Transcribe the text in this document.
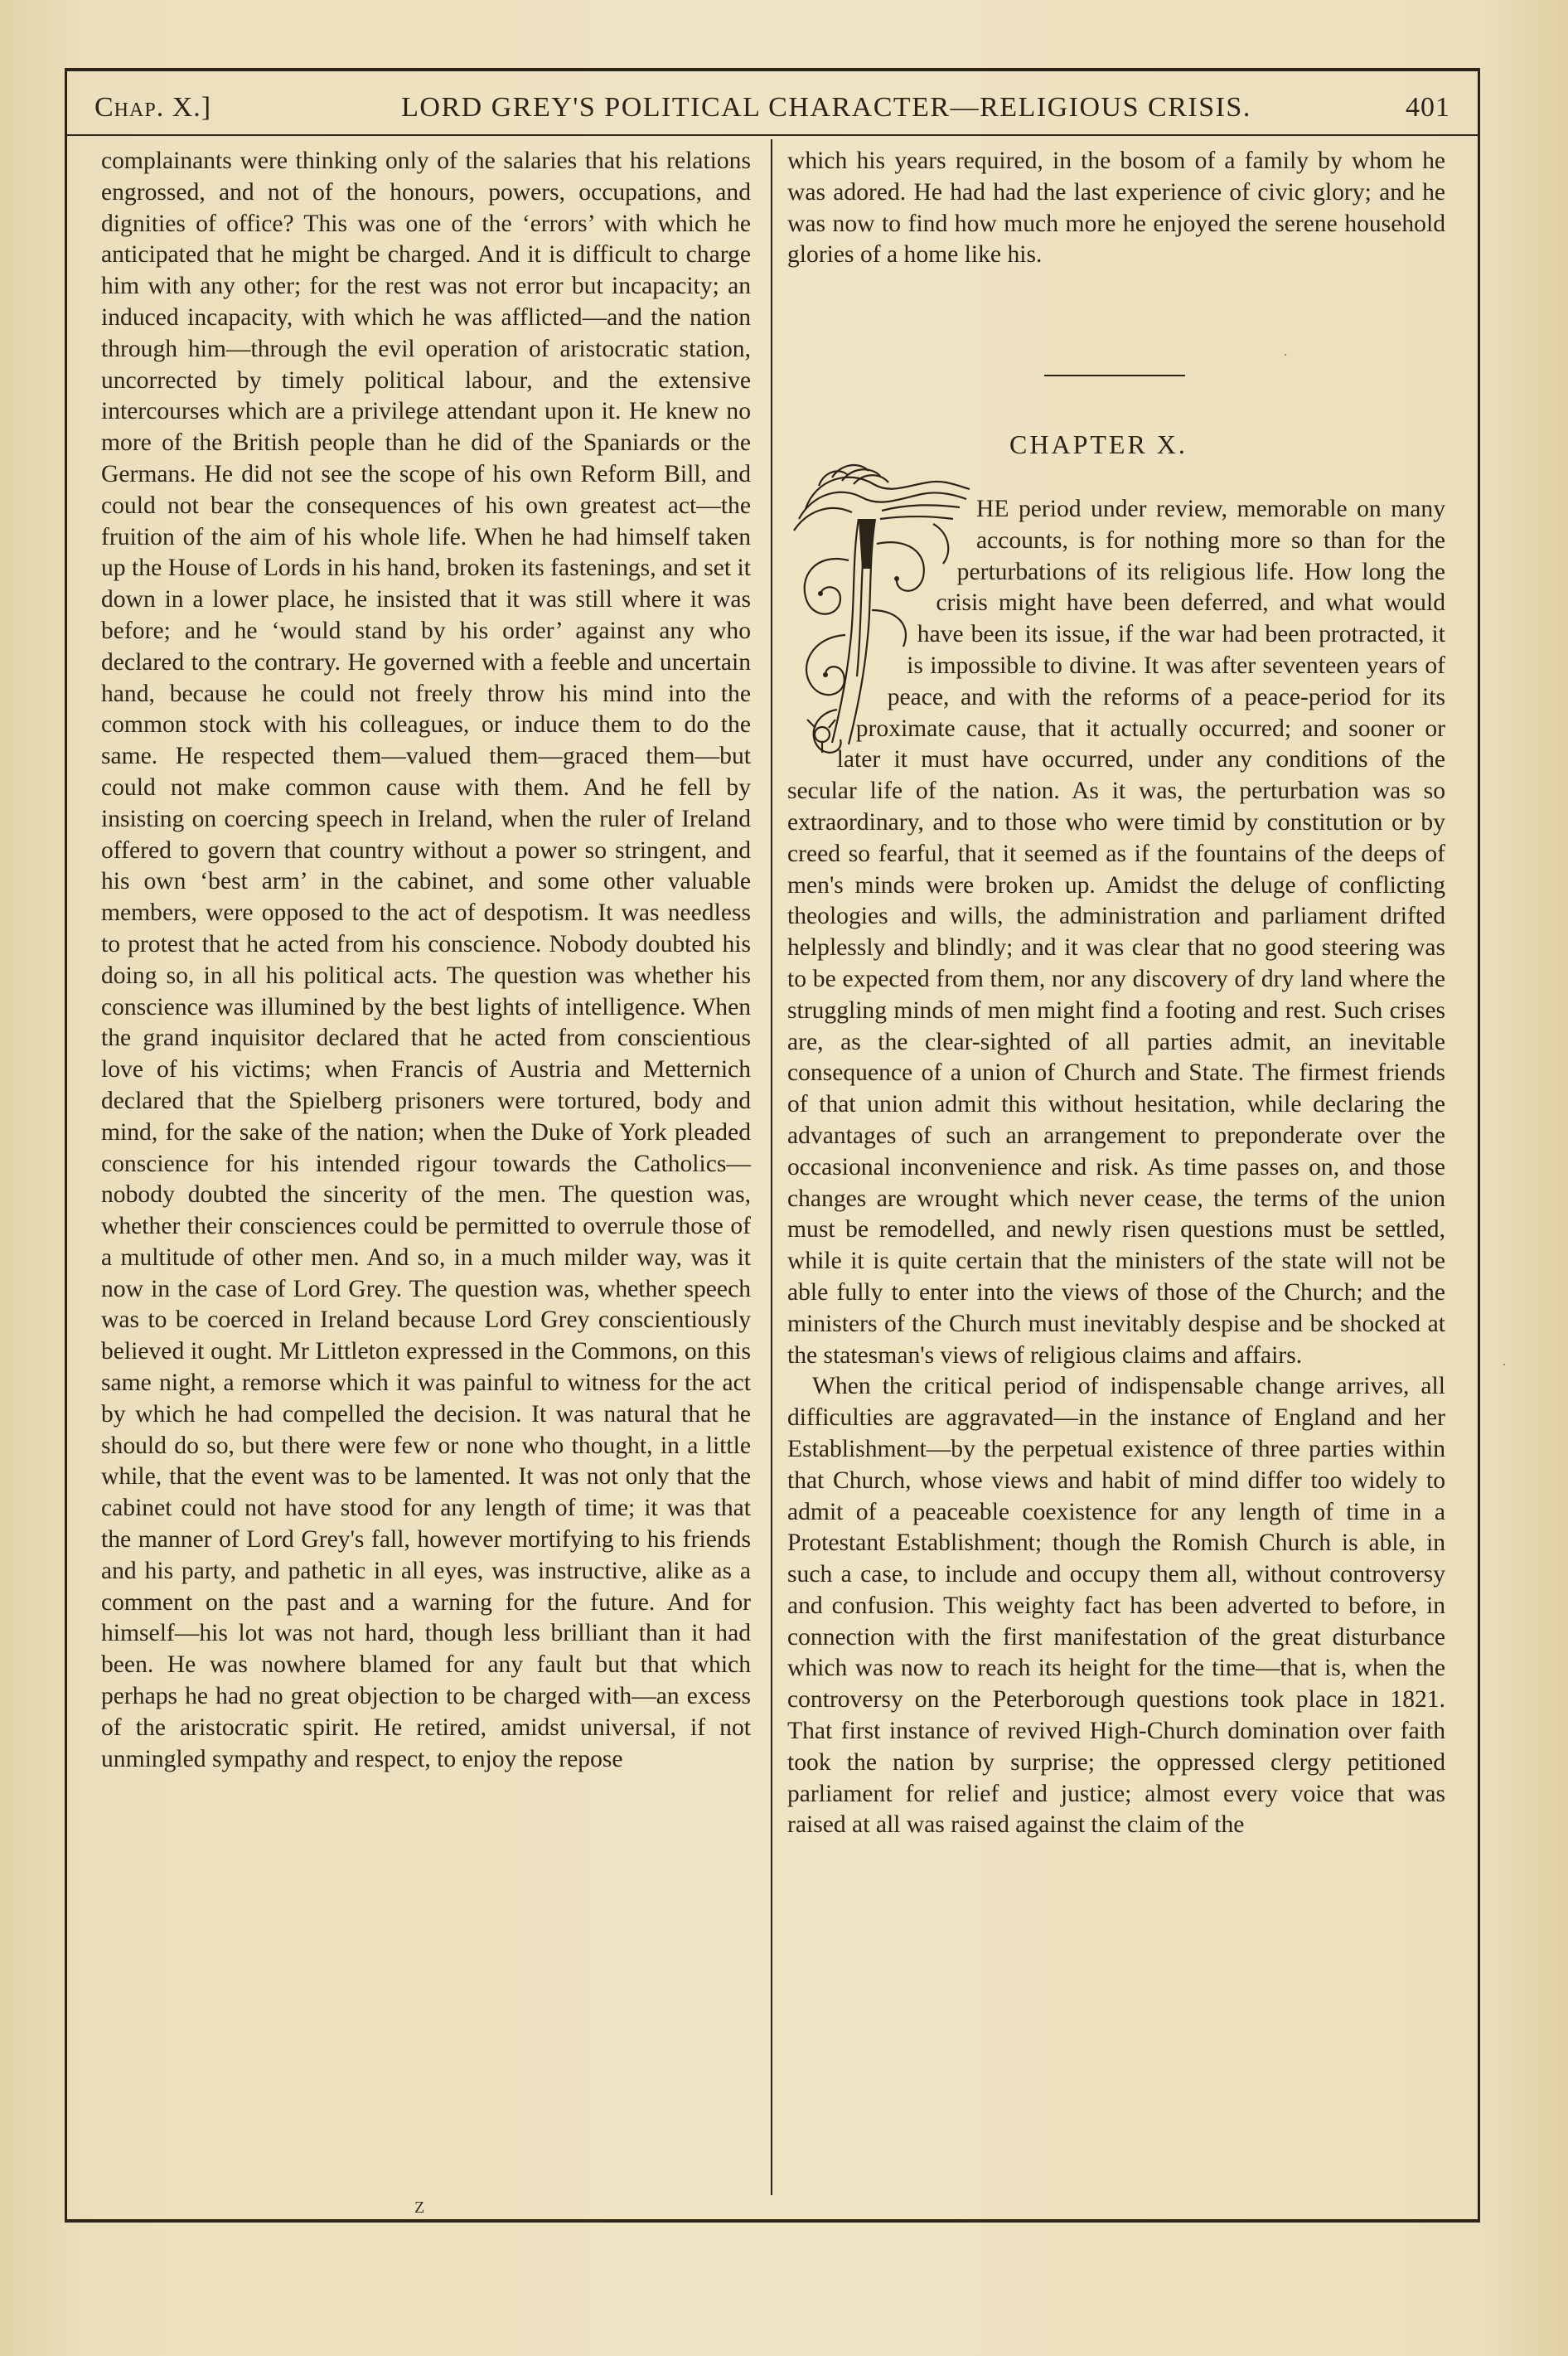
Chap. X.]	LORD GREY'S POLITICAL CHARACTER—RELIGIOUS CRISIS.	401

complainants were thinking only of the salaries that his relations engrossed, and not of the honours, powers, occupations, and dignities of office? This was one of the ‘errors’ with which he anticipated that he might be charged. And it is difficult to charge him with any other; for the rest was not error but incapacity; an induced incapacity, with which he was afflicted—and the nation through him—through the evil operation of aristocratic station, uncorrected by timely political labour, and the extensive intercourses which are a privilege attendant upon it. He knew no more of the British people than he did of the Spaniards or the Germans. He did not see the scope of his own Reform Bill, and could not bear the consequences of his own greatest act—the fruition of the aim of his whole life. When he had himself taken up the House of Lords in his hand, broken its fastenings, and set it down in a lower place, he insisted that it was still where it was before; and he ‘would stand by his order’ against any who declared to the contrary. He governed with a feeble and uncertain hand, because he could not freely throw his mind into the common stock with his colleagues, or induce them to do the same. He respected them—valued them—graced them—but could not make common cause with them. And he fell by insisting on coercing speech in Ireland, when the ruler of Ireland offered to govern that country without a power so stringent, and his own ‘best arm’ in the cabinet, and some other valuable members, were opposed to the act of despotism. It was needless to protest that he acted from his conscience. Nobody doubted his doing so, in all his political acts. The question was whether his conscience was illumined by the best lights of intelligence. When the grand inquisitor declared that he acted from conscientious love of his victims; when Francis of Austria and Metternich declared that the Spielberg prisoners were tortured, body and mind, for the sake of the nation; when the Duke of York pleaded conscience for his intended rigour towards the Catholics—nobody doubted the sincerity of the men. The question was, whether their consciences could be permitted to overrule those of a multitude of other men. And so, in a much milder way, was it now in the case of Lord Grey. The question was, whether speech was to be coerced in Ireland because Lord Grey conscientiously believed it ought. Mr Littleton expressed in the Commons, on this same night, a remorse which it was painful to witness for the act by which he had compelled the decision. It was natural that he should do so, but there were few or none who thought, in a little while, that the event was to be lamented. It was not only that the cabinet could not have stood for any length of time; it was that the manner of Lord Grey's fall, however mortifying to his friends and his party, and pathetic in all eyes, was instructive, alike as a comment on the past and a warning for the future. And for himself—his lot was not hard, though less brilliant than it had been. He was nowhere blamed for any fault but that which perhaps he had no great objection to be charged with—an excess of the aristocratic spirit. He retired, amidst universal, if not unmingled sympathy and respect, to enjoy the repose

which his years required, in the bosom of a family by whom he was adored. He had had the last experience of civic glory; and he was now to find how much more he enjoyed the serene household glories of a home like his.

·
·
CHAPTER X.

HE period under review, memorable on many accounts, is for nothing more so than for the perturbations of its religious life. How long the crisis might have been deferred, and what would have been its issue, if the war had been protracted, it is impossible to divine. It was after seventeen years of peace, and with the reforms of a peace-period for its proximate cause, that it actually occurred; and sooner or later it must have occurred, under any conditions of the secular life of the nation. As it was, the perturbation was so extraordinary, and to those who were timid by constitution or by creed so fearful, that it seemed as if the fountains of the deeps of men's minds were broken up. Amidst the deluge of conflicting theologies and wills, the administration and parliament drifted helplessly and blindly; and it was clear that no good steering was to be expected from them, nor any discovery of dry land where the struggling minds of men might find a footing and rest. Such crises are, as the clear-sighted of all parties admit, an inevitable consequence of a union of Church and State. The firmest friends of that union admit this without hesitation, while declaring the advantages of such an arrangement to preponderate over the occasional inconvenience and risk. As time passes on, and those changes are wrought which never cease, the terms of the union must be remodelled, and newly risen questions must be settled, while it is quite certain that the ministers of the state will not be able fully to enter into the views of those of the Church; and the ministers of the Church must inevitably despise and be shocked at the statesman's views of religious claims and affairs.

When the critical period of indispensable change arrives, all difficulties are aggravated—in the instance of England and her Establishment—by the perpetual existence of three parties within that Church, whose views and habit of mind differ too widely to admit of a peaceable coexistence for any length of time in a Protestant Establishment; though the Romish Church is able, in such a case, to include and occupy them all, without controversy and confusion. This weighty fact has been adverted to before, in connection with the first manifestation of the great disturbance which was now to reach its height for the time—that is, when the controversy on the Peterborough questions took place in 1821. That first instance of revived High-Church domination over faith took the nation by surprise; the oppressed clergy petitioned parliament for relief and justice; almost every voice that was raised at all was raised against the claim of the

Z
